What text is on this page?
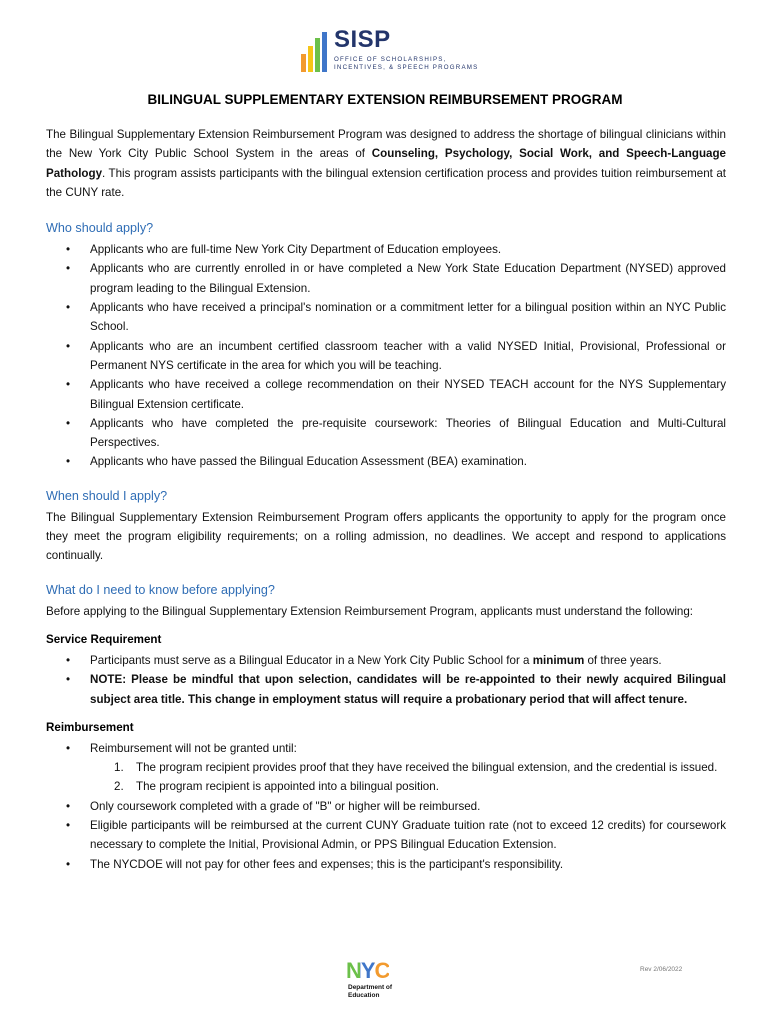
SISP
OFFICE OF SCHOLARSHIPS,
INCENTIVES, & SPEECH PROGRAMS
BILINGUAL SUPPLEMENTARY EXTENSION REIMBURSEMENT PROGRAM

The Bilingual Supplementary Extension Reimbursement Program was designed to address the shortage of bilingual clinicians within the New York City Public School System in the areas of Counseling, Psychology, Social Work, and Speech-Language Pathology. This program assists participants with the bilingual extension certification process and provides tuition reimbursement at the CUNY rate.

Who should apply?
• Applicants who are full-time New York City Department of Education employees.
• Applicants who are currently enrolled in or have completed a New York State Education Department (NYSED) approved program leading to the Bilingual Extension.
• Applicants who have received a principal's nomination or a commitment letter for a bilingual position within an NYC Public School.
• Applicants who are an incumbent certified classroom teacher with a valid NYSED Initial, Provisional, Professional or Permanent NYS certificate in the area for which you will be teaching.
• Applicants who have received a college recommendation on their NYSED TEACH account for the NYS Supplementary Bilingual Extension certificate.
• Applicants who have completed the pre-requisite coursework: Theories of Bilingual Education and Multi-Cultural Perspectives.
• Applicants who have passed the Bilingual Education Assessment (BEA) examination.
When should I apply?

The Bilingual Supplementary Extension Reimbursement Program offers applicants the opportunity to apply for the program once they meet the program eligibility requirements; on a rolling admission, no deadlines. We accept and respond to applications continually.

What do I need to know before applying?

Before applying to the Bilingual Supplementary Extension Reimbursement Program, applicants must understand the following:

Service Requirement
• Participants must serve as a Bilingual Educator in a New York City Public School for a minimum of three years.
• NOTE: Please be mindful that upon selection, candidates will be re-appointed to their newly acquired Bilingual subject area title. This change in employment status will require a probationary period that will affect tenure.
Reimbursement
• Reimbursement will not be granted until:
1. The program recipient provides proof that they have received the bilingual extension, and the credential is issued.
2. The program recipient is appointed into a bilingual position.
• Only coursework completed with a grade of "B" or higher will be reimbursed.
• Eligible participants will be reimbursed at the current CUNY Graduate tuition rate (not to exceed 12 credits) for coursework necessary to complete the Initial, Provisional Admin, or PPS Bilingual Education Extension.
• The NYCDOE will not pay for other fees and expenses; this is the participant's responsibility.
NYC
Department of
Education
Rev 2/06/2022
